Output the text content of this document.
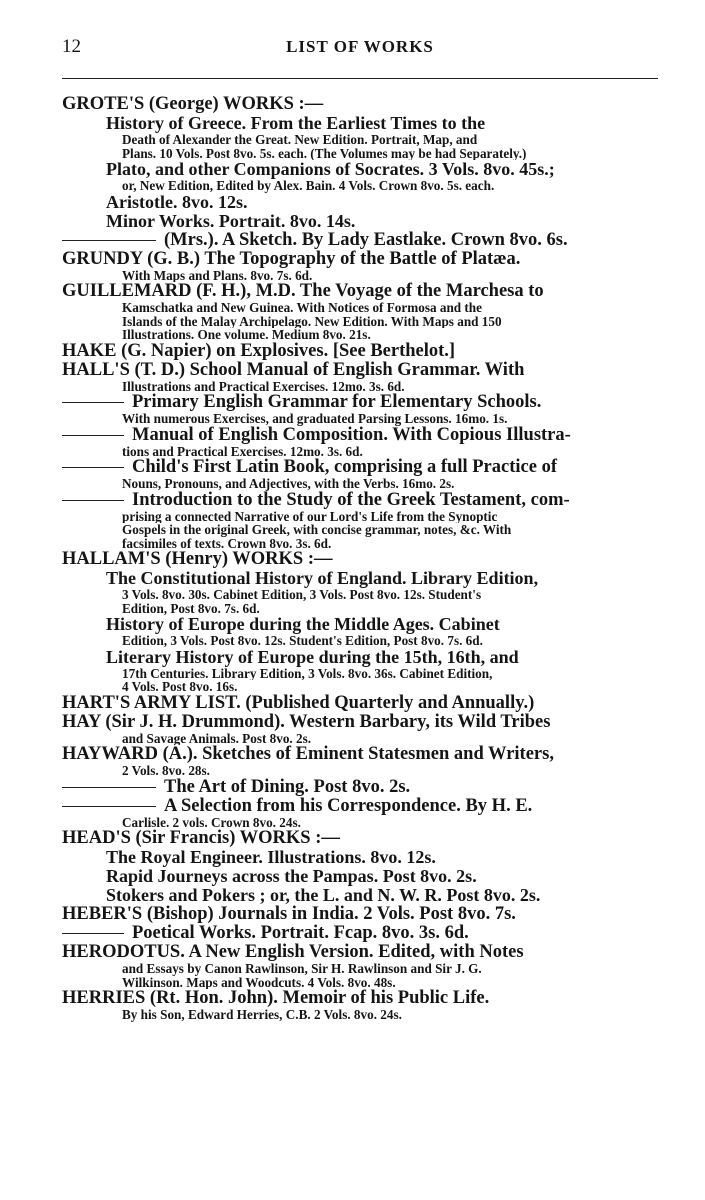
12	LIST OF WORKS
GROTE'S (George) WORKS :—
History of Greece. From the Earliest Times to the
Death of Alexander the Great. New Edition. Portrait, Map, and
Plans. 10 Vols. Post 8vo. 5s. each. (The Volumes may be had Separately.)
Plato, and other Companions of Socrates. 3 Vols. 8vo. 45s.;
or, New Edition, Edited by Alex. Bain. 4 Vols. Crown 8vo. 5s. each.
Aristotle. 8vo. 12s.
Minor Works. Portrait. 8vo. 14s.
(Mrs.). A Sketch. By Lady Eastlake. Crown 8vo. 6s.
GRUNDY (G. B.) The Topography of the Battle of Platæa.
With Maps and Plans. 8vo. 7s. 6d.
GUILLEMARD (F. H.), M.D. The Voyage of the Marchesa to
Kamschatka and New Guinea. With Notices of Formosa and the
Islands of the Malay Archipelago. New Edition. With Maps and 150
Illustrations. One volume. Medium 8vo. 21s.
HAKE (G. Napier) on Explosives. [See Berthelot.]
HALL'S (T. D.) School Manual of English Grammar. With
Illustrations and Practical Exercises. 12mo. 3s. 6d.
Primary English Grammar for Elementary Schools.
With numerous Exercises, and graduated Parsing Lessons. 16mo. 1s.
Manual of English Composition. With Copious Illustra-
tions and Practical Exercises. 12mo. 3s. 6d.
Child's First Latin Book, comprising a full Practice of
Nouns, Pronouns, and Adjectives, with the Verbs. 16mo. 2s.
Introduction to the Study of the Greek Testament, com-
prising a connected Narrative of our Lord's Life from the Synoptic
Gospels in the original Greek, with concise grammar, notes, &c. With
facsimiles of texts. Crown 8vo. 3s. 6d.
HALLAM'S (Henry) WORKS :—
The Constitutional History of England. Library Edition,
3 Vols. 8vo. 30s. Cabinet Edition, 3 Vols. Post 8vo. 12s. Student's
Edition, Post 8vo. 7s. 6d.
History of Europe during the Middle Ages. Cabinet
Edition, 3 Vols. Post 8vo. 12s. Student's Edition, Post 8vo. 7s. 6d.
Literary History of Europe during the 15th, 16th, and
17th Centuries. Library Edition, 3 Vols. 8vo. 36s. Cabinet Edition,
4 Vols. Post 8vo. 16s.
HART'S ARMY LIST. (Published Quarterly and Annually.)
HAY (Sir J. H. Drummond). Western Barbary, its Wild Tribes
and Savage Animals. Post 8vo. 2s.
HAYWARD (A.). Sketches of Eminent Statesmen and Writers,
2 Vols. 8vo. 28s.
The Art of Dining. Post 8vo. 2s.
A Selection from his Correspondence. By H. E.
Carlisle. 2 vols. Crown 8vo. 24s.
HEAD'S (Sir Francis) WORKS :—
The Royal Engineer. Illustrations. 8vo. 12s.
Rapid Journeys across the Pampas. Post 8vo. 2s.
Stokers and Pokers ; or, the L. and N. W. R. Post 8vo. 2s.
HEBER'S (Bishop) Journals in India. 2 Vols. Post 8vo. 7s.
Poetical Works. Portrait. Fcap. 8vo. 3s. 6d.
HERODOTUS. A New English Version. Edited, with Notes
and Essays by Canon Rawlinson, Sir H. Rawlinson and Sir J. G.
Wilkinson. Maps and Woodcuts. 4 Vols. 8vo. 48s.
HERRIES (Rt. Hon. John). Memoir of his Public Life.
By his Son, Edward Herries, C.B. 2 Vols. 8vo. 24s.
